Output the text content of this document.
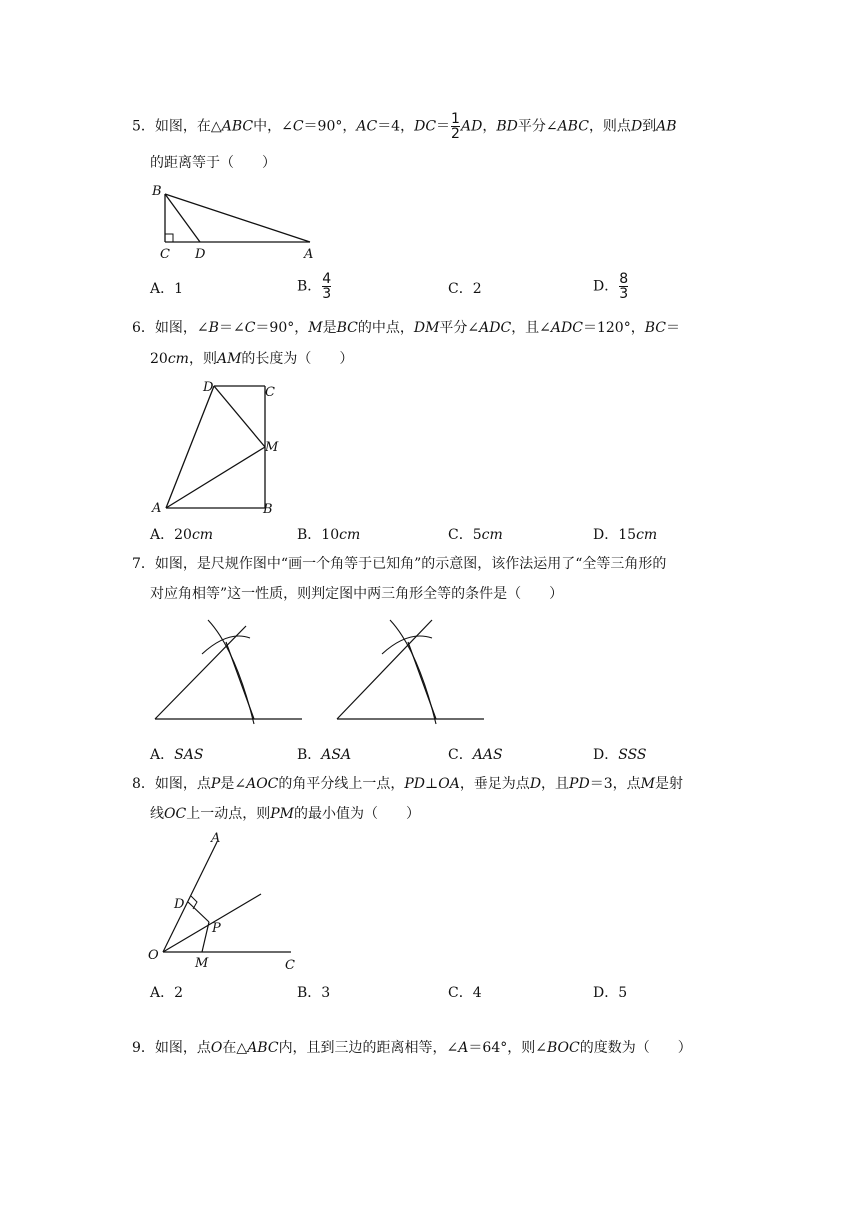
5．如图，在△ABC中，∠C＝90°，AC＝4，$DC= \frac{1}{2}$ AD，BD平分∠ABC，则点D到AB
的距离等于（　　）
B
C D	A
A．1	B． $\frac{4}{3}$	C．2	D． $\frac{8}{3}$
6．如图，∠B＝∠C＝90°，M是BC的中点，DM平分∠ADC，且∠ADC＝120°，BC＝
20cm，则AM的长度为（　　）
D	C
M
A	B
A．20cm	B．10cm	C．5cm	D．15cm
7．如图，是尺规作图中“画一个角等于已知角”的示意图，该作法运用了“全等三角形的
对应角相等”这一性质，则判定图中两三角形全等的条件是（　　）
A．SAS	B．ASA	C．AAS	D．SSS
8．如图，点P是∠AOC的角平分线上一点，PD⊥OA，垂足为点D，且PD＝3，点M是射
线OC上一动点，则PM的最小值为（　　）
A
D
P
O
M	C
A．2	B．3	C．4	D．5
9．如图，点O在△ABC内，且到三边的距离相等，∠A＝64°，则∠BOC的度数为（　　）
